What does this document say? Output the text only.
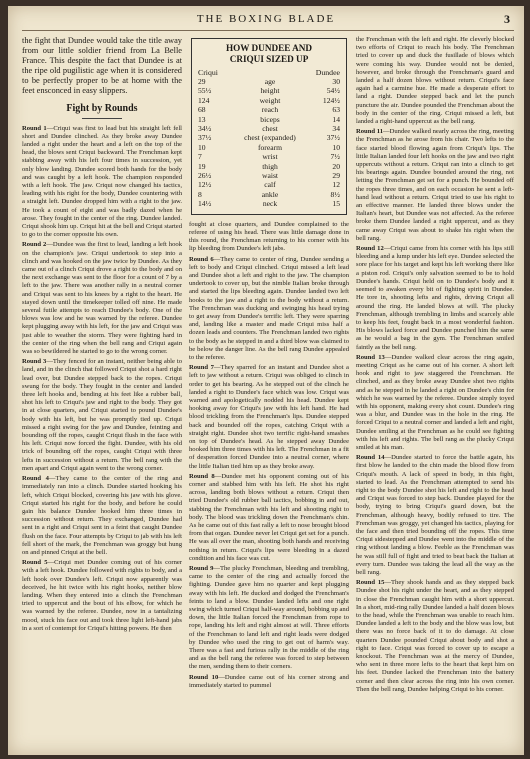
THE BOXING BLADE	3

the fight that Dundee would take the title away from our little soldier friend from La Belle France. This despite the fact that Dundee is at the ripe old pugilistic age when it is considered to be perfectly proper to be at home with the feet ensconced in easy slippers.

Fight by Rounds

Round 1—Criqui was first to lead but his straight left fell short and Dundee clinched. As they broke away Dundee landed a right under the heart and a left on the top of the head, the blows sent Criqui backward. The Frenchman kept stabbing away with his left four times in succession, yet only blow landing. Dundee scored both hands for the body and was caught by a left hook. The champion responded with a left hook. The jaw. Criqui now changed his tactics, leading with his right for the body, Dundee countering with a straight left. Dundee dropped him with a right to the jaw. He took a count of eight and was badly dazed when he arose. They fought in the center of the ring. Dundee landed. Criqui shook him up. Criqui hit at the bell and Criqui started to go to the corner opposite his own.

Round 2—Dundee was the first to lead, landing a left hook on the champion's jaw. Criqui undertook to step into a clinch and was hooked on the jaw twice by Dundee. As they came out of a clinch Criqui drove a right to the body and on the next exchange was sent to the floor for a count of 7 by a left to the jaw. There was another rally in a neutral corner and Criqui was sent to his knees by a right to the heart. He stayed down until the timekeeper tolled off nine. He made several futile attempts to reach Dundee's body. One of the blows was low and he was warned by the referee. Dundee kept plugging away with his left, for the jaw and Criqui was just able to weather the storm. They were fighting hard in the center of the ring when the bell rang and Criqui again was so bewildered he started to go to the wrong corner.

Round 3—They fenced for an instant, neither being able to land, and in the clinch that followed Criqui shot a hard right lead over, but Dundee stepped back to the ropes. Criqui swung for the body. They fought in the center and landed three left hooks and, bending at his feet like a rubber ball, shot his left to Criqui's jaw and right to the body. They got in at close quarters, and Criqui started to pound Dundee's body with his left, but he was promptly tied up. Criqui missed a right swing for the jaw and Dundee, feinting and bounding off the ropes, caught Criqui flush in the face with his left. Criqui now forced the fight. Dundee, with his old trick of bounding off the ropes, caught Criqui with three lefts in succession without a return. The bell rang with the men apart and Criqui again went to the wrong corner.

Round 4—They came to the center of the ring and immediately ran into a clinch. Dundee started hooking his left, which Criqui blocked, covering his jaw with his glove. Criqui started his right for the body, and before he could gain his balance Dundee hooked him three times in succession without return. They exchanged, Dundee had sent in a right and Criqui sent in a feint that caught Dundee flush on the face. Four attempts by Criqui to jab with his left fell short of the mark, the Frenchman was groggy but hung on and pinned Criqui at the bell.

Round 5—Criqui met Dundee coming out of his corner with a left hook. Dundee followed with rights to body, and a left hook over Dundee's left. Criqui now apparently was deceived, he hit twice with his right hooks, neither blow landing. When they entered into a clinch the Frenchman tried to uppercut and the bout of his elbow, for which he was warned by the referee. Dundee, now in a tantalizing mood, stuck his face out and took three light left-hand jabs in a sort of contempt for Criqui's hitting powers. He then

HOW DUNDEE AND
CRIQUI SIZED UP
Criqui	Dundee
29	age	30
55½	height	54½
124	weight	124½
68	reach	63
13	biceps	14
34½	chest	34
37½	chest (expanded)	37½
10	forearm	10
7	wrist	7½
19	thigh	20
26½	waist	29
12½	calf	12
8	ankle	8½
14½	neck	15

fought at close quarters, and Dundee complained to the referee of using his head. There was little damage done in this round, the Frenchman returning to his corner with his lip bleeding from Dundee's left jabs.

Round 6—They came to center of ring, Dundee sending a left to body and Criqui clinched. Criqui missed a left lead and Dundee shot a left and right to the jaw. The champion undertook to cover up, but the nimble Italian broke through and started the lips bleeding again. Dundee landed two left hooks to the jaw and a right to the body without a return. The Frenchman was ducking and swinging his head trying to get away from Dundee's terrific left. They were sparring and, landing like a master and made Criqui miss half a dozen leads and counters. The Frenchman landed two rights to the body as he stepped in and a third blow was claimed to be below the danger line. As the bell rang Dundee appealed to the referee.

Round 7—They sparred for an instant and Dundee shot a left to jaw without a return. Criqui was obliged to clinch in order to get his bearing. As he stepped out of the clinch he landed a right to Dundee's face which was low. Criqui was warned and apologetically nodded his head. Dundee kept hooking away for Criqui's jaw with his left hand. He had blood trickling from the Frenchman's lips. Dundee stepped back and bounded off the ropes, catching Criqui with a straight right. Dundee shot two terrific right-hand smashes on top of Dundee's head. As he stepped away Dundee hooked him three times with his left. The Frenchman in a fit of desperation forced Dundee into a neutral corner, where the little Italian tied him up as they broke away.

Round 8—Dundee met his opponent coming out of his corner and stabbed him with his left. He shot his right across, landing both blows without a return. Criqui then tried Dundee's old rubber ball tactics, bobbing in and out, stabbing the Frenchman with his left and shooting right to body. The blood was trickling down the Frenchman's chin. As he came out of this fast rally a left to nose brought blood from that organ. Dundee never let Criqui get set for a punch. He was all over the man, shooting both hands and receiving nothing in return. Criqui's lips were bleeding in a dazed condition and his face was cut.

Round 9—The plucky Frenchman, bleeding and trembling, came to the center of the ring and actually forced the fighting. Dundee gave him no quarter and kept plugging away with his left. He ducked and dodged the Frenchman's feints to land a blow. Dundee landed lefts and one right swing which turned Criqui half-way around, bobbing up and down, the little Italian forced the Frenchman from rope to rope, landing his left and right almost at will. Three efforts of the Frenchman to land left and right leads were dodged by Dundee who used the ring to get out of harm's way. There was a fast and furious rally in the middle of the ring and as the bell rang the referee was forced to step between the men, sending them to their corners.

Round 10—Dundee came out of his corner strong and immediately started to pummel

the Frenchman with the left and right. He cleverly blocked two efforts of Criqui to reach his body. The Frenchman tried to cover up and duck the fusillade of blows which were coming his way. Dundee would not be denied, however, and broke through the Frenchman's guard and landed a half dozen blows without return. Criqui's face again had a carmine hue. He made a desperate effort to land a right. Dundee stepped back and let the punch puncture the air. Dundee pounded the Frenchman about the body in the center of the ring. Criqui missed a left, but landed a right-hand uppercut as the bell rang.

Round 11—Dundee walked nearly across the ring, meeting the Frenchman as he arose from his chair. Two lefts to the face started blood flowing again from Criqui's lips. The little Italian landed four left hooks on the jaw and two right uppercuts without a return. Criqui ran into a clinch to get his bearings again. Dundee bounded around the ring, not letting the Frenchman get set for a punch. He bounded off the ropes three times, and on each occasion he sent a left-hand lead without a return. Criqui tried to use his right to an effective manner. He landed three blows under the Italian's heart, but Dundee was not affected. As the referee broke them Dundee landed a right uppercut, and as they came away Criqui was about to shake his right when the bell rang.

Round 12—Criqui came from his corner with his lips still bleeding and a lump under his left eye. Dundee selected the sore place for his target and kept his left working there like a piston rod. Criqui's only salvation seemed to be to hold Dundee's hands. Criqui held on to Dundee's body and it seemed to awaken every bit of fighting spirit in Dundee. He tore in, shooting lefts and rights, driving Criqui all around the ring. He landed blows at will. The plucky Frenchman, although trembling in limbs and scarcely able to keep his feet, fought back in a most wonderful fashion. His blows lacked force and Dundee punched him the same as he would a bag in the gym. The Frenchman smiled faintly as the bell rang.

Round 13—Dundee walked clear across the ring again, meeting Criqui as he came out of his corner. A short left hook and right to jaw staggered the Frenchman. He clinched, and as they broke away Dundee shot two rights and as he stepped in he landed a right on Dundee's chin for which he was warned by the referee. Dundee simply toyed with his opponent, making every shot count. Dundee's ring was a blur, and Dundee was in the hole in the ring. He forced Criqui to a neutral corner and landed a left and right, Dundee smiling at the Frenchman as he could see fighting with his left and rights. The bell rang as the plucky Criqui smiled at his man.

Round 14—Dundee started to force the battle again, his first blow he landed to the chin made the blood flow from Criqui's mouth. A lack of speed in body, in this fight, started to lead. As the Frenchman attempted to send his right to the body Dundee shot his left and right to the head and Criqui was forced to step back. Dundee played for the body, trying to bring Criqui's guard down, but the Frenchman, although heavy, bodily refused to tire. The Frenchman was groggy, yet changed his tactics, playing for the face and then tried bounding off the ropes. This time Criqui sidestepped and Dundee went into the middle of the ring without landing a blow. Feeble as the Frenchman was he was still full of fight and tried to beat back the Italian at every turn. Dundee was taking the lead all the way as the bell rang.

Round 15—They shook hands and as they stepped back Dundee shot his right under the heart, and as they stepped in close the Frenchman caught him with a short uppercut. In a short, mid-ring rally Dundee landed a half dozen blows to the head, while the Frenchman was unable to reach him. Dundee landed a left to the body and the blow was low, but there was no force back of it to do damage. At close quarters Dundee pounded Criqui about body and shot a right to face. Criqui was forced to cover up to escape a knockout. The Frenchman was at the mercy of Dundee, who sent in three more lefts to the heart that kept him on his feet. Dundee lacked the Frenchman into the battery corner and then clear across the ring into his own corner. Then the bell rang, Dundee helping Criqui to his corner.
